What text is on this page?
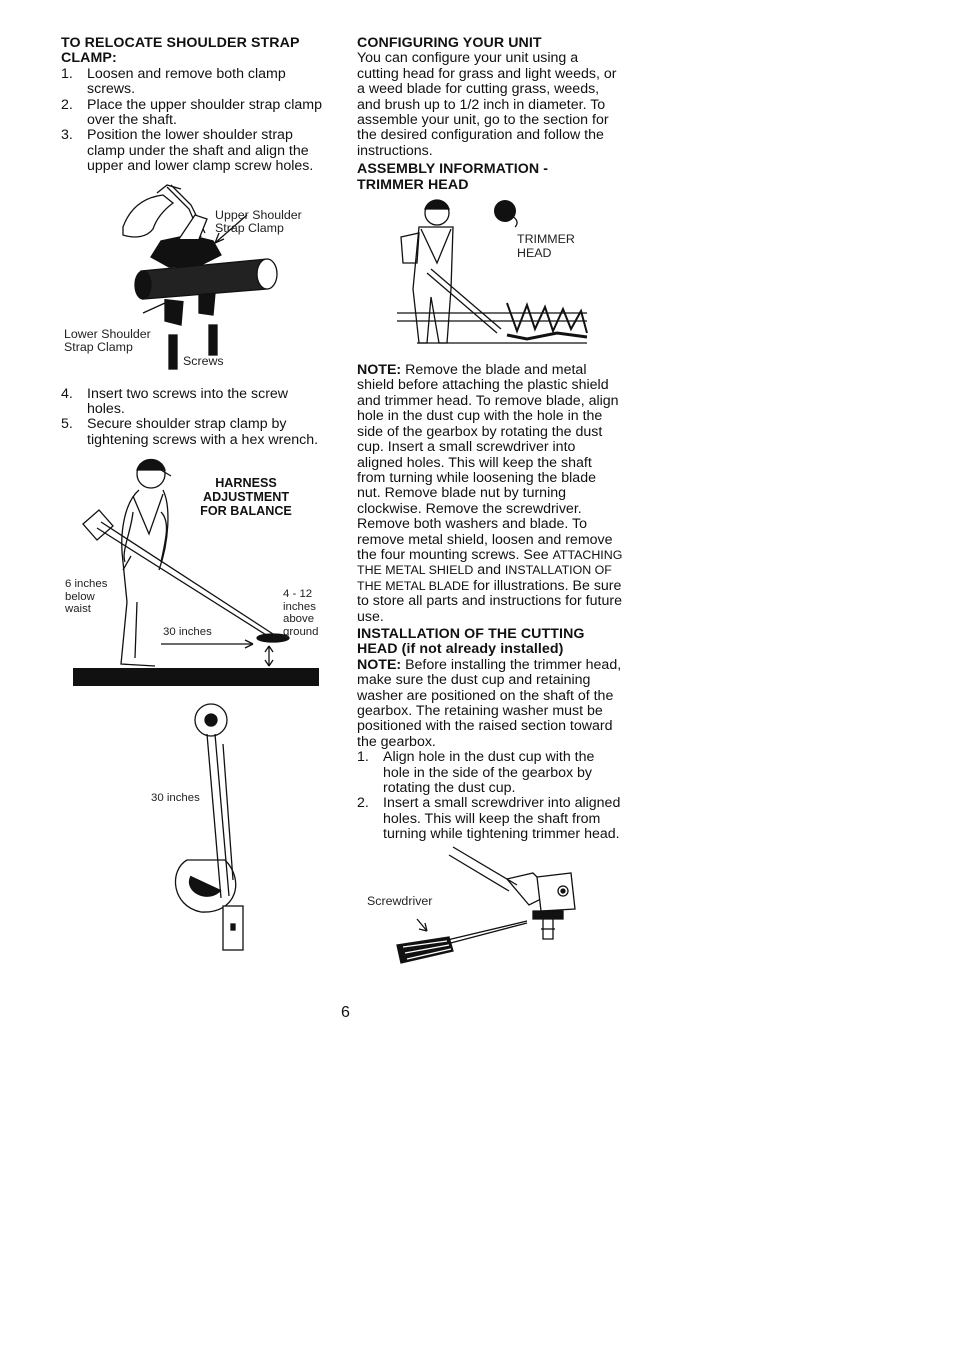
TO RELOCATE SHOULDER STRAP CLAMP:
1. Loosen and remove both clamp screws.
2. Place the upper shoulder strap clamp over the shaft.
3. Position the lower shoulder strap clamp under the shaft and align the upper and lower clamp screw holes.
Upper Shoulder Strap Clamp
Lower Shoulder Strap Clamp
Screws
4. Insert two screws into the screw holes.
5. Secure shoulder strap clamp by tightening screws with a hex wrench.
HARNESS
ADJUSTMENT
FOR BALANCE
6 inches below waist
30 inches
4 - 12 inches above ground
30 inches
CONFIGURING YOUR UNIT

You can configure your unit using a cutting head for grass and light weeds, or a weed blade for cutting grass, weeds, and brush up to 1/2 inch in diameter. To assemble your unit, go to the section for the desired configuration and follow the instructions.

ASSEMBLY INFORMATION - TRIMMER HEAD
TRIMMER HEAD

NOTE: Remove the blade and metal shield before attaching the plastic shield and trimmer head. To remove blade, align hole in the dust cup with the hole in the side of the gearbox by rotating the dust cup. Insert a small screwdriver into aligned holes. This will keep the shaft from turning while loosening the blade nut. Remove blade nut by turning clockwise. Remove the screwdriver. Remove both washers and blade. To remove metal shield, loosen and remove the four mounting screws. See ATTACHING THE METAL SHIELD and INSTALLATION OF THE METAL BLADE for illustrations. Be sure to store all parts and instructions for future use.

INSTALLATION OF THE CUTTING HEAD (if not already installed)

NOTE: Before installing the trimmer head, make sure the dust cup and retaining washer are positioned on the shaft of the gearbox. The retaining washer must be positioned with the raised section toward the gearbox.

1. Align hole in the dust cup with the hole in the side of the gearbox by rotating the dust cup.
2. Insert a small screwdriver into aligned holes. This will keep the shaft from turning while tightening trimmer head.
Screwdriver
6
